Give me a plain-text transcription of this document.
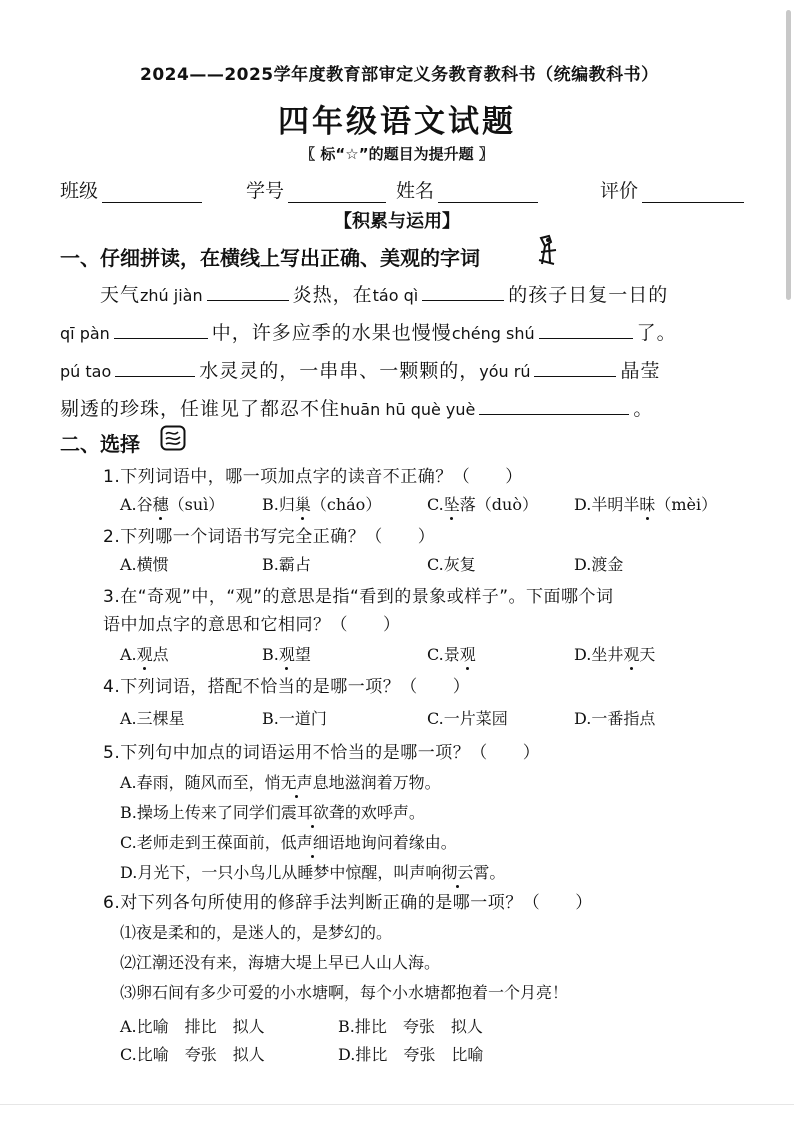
2024——2025学年度教育部审定义务教育教科书（统编教科书）
四年级语文试题
〖 标“☆”的题目为提升题 〗
班级	学号	姓名	评价
【积累与运用】
一、仔细拼读，在横线上写出正确、美观的字词
天气zhú jiàn	炎热，在táo qì	的孩子日复一日的
qī pàn	中，许多应季的水果也慢慢chéng shú	了。
pú tao	水灵灵的，一串串、一颗颗的，yóu rú	晶莹
剔透的珍珠，任谁见了都忍不住huān hū què yuè	。
二、选择
1.下列词语中，哪一项加点字的读音不正确？（　　）
A.谷穗（suì） B.归巢（cháo）	C.坠落（duò） D.半明半昧（mèi）
2.下列哪一个词语书写完全正确？（　　）
A.横惯	B.霸占	C.灰复	D.渡金
3.在“奇观”中，“观”的意思是指“看到的景象或样子”。下面哪个词
语中加点字的意思和它相同？（　　）
A.观点	B.观望	C.景观	D.坐井观天
4.下列词语，搭配不恰当的是哪一项？（　　）
A.三棵星	B.一道门	C.一片菜园	D.一番指点
5.下列句中加点的词语运用不恰当的是哪一项？（　　）
A.春雨，随风而至，悄无声息地滋润着万物。
B.操场上传来了同学们震耳欲聋的欢呼声。
C.老师走到王葆面前，低声细语地询问着缘由。
D.月光下，一只小鸟儿从睡梦中惊醒，叫声响彻云霄。
6.对下列各句所使用的修辞手法判断正确的是哪一项？（　　）
⑴夜是柔和的，是迷人的，是梦幻的。
⑵江潮还没有来，海塘大堤上早已人山人海。
⑶卵石间有多少可爱的小水塘啊，每个小水塘都抱着一个月亮！
A.比喻　排比　拟人	B.排比　夸张　拟人
C.比喻　夸张　拟人	D.排比　夸张　比喻
